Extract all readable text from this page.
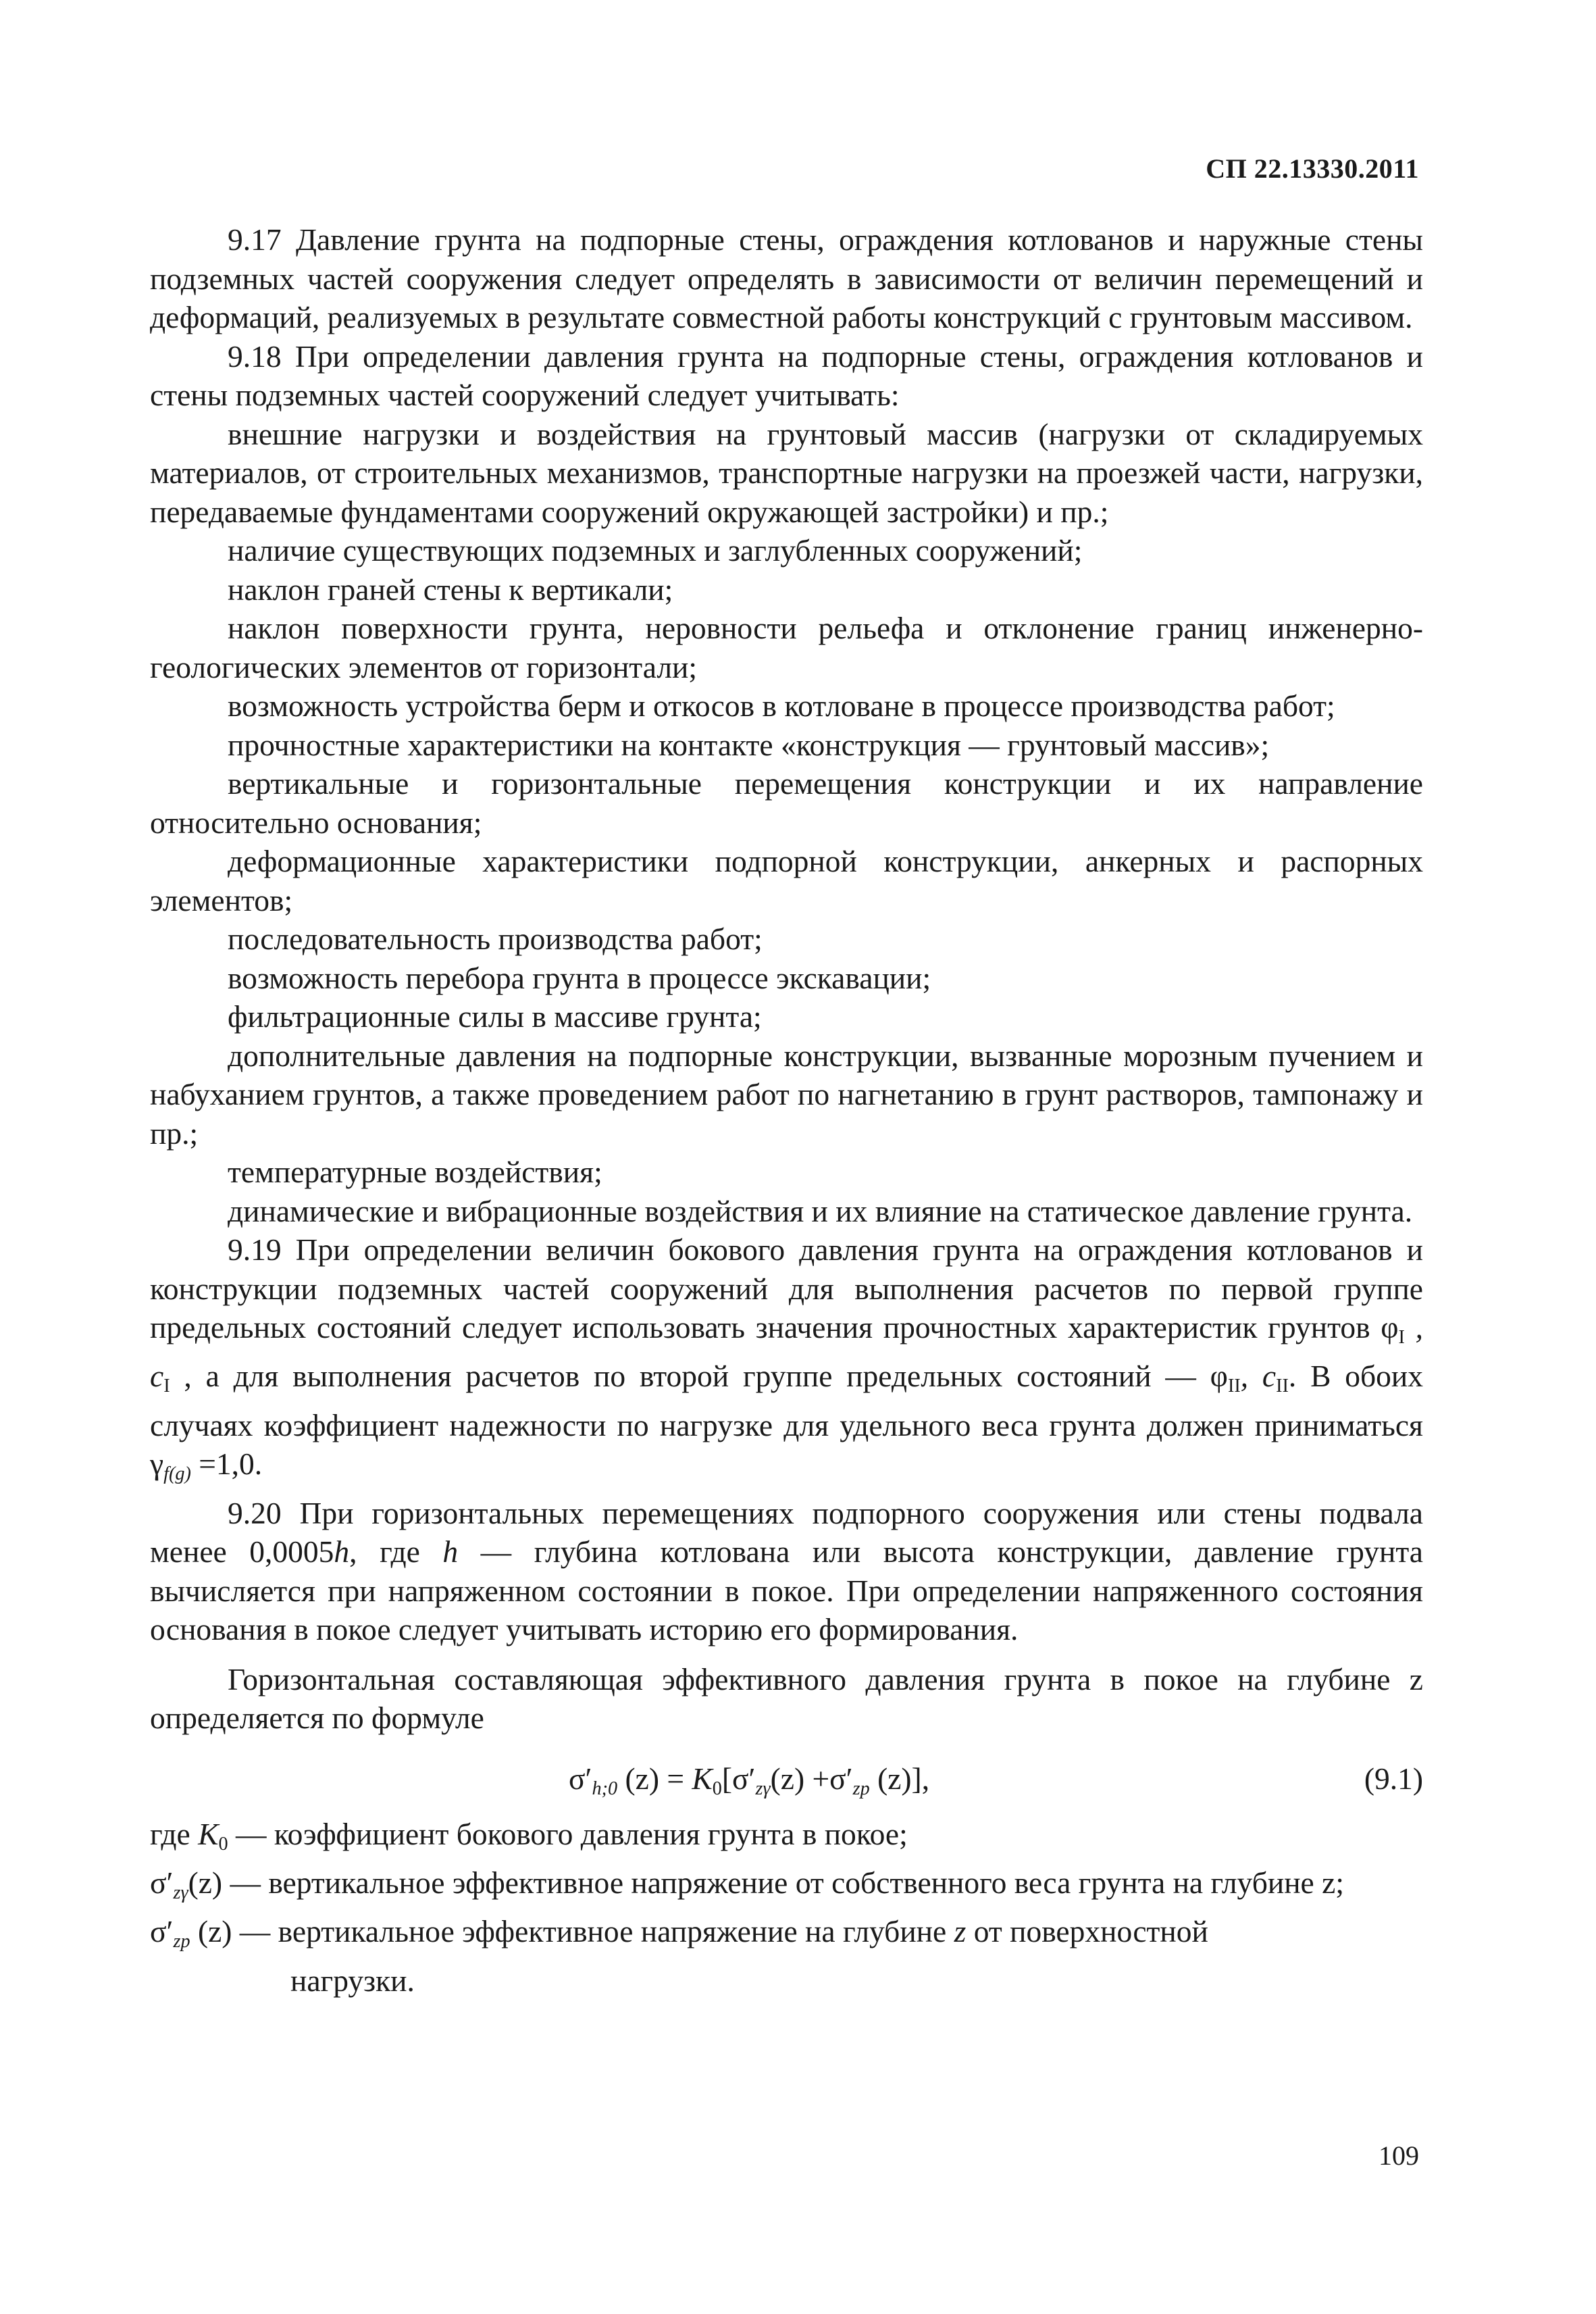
СП 22.13330.2011

9.17 Давление грунта на подпорные стены, ограждения котлованов и наружные стены подземных частей сооружения следует определять в зависимости от величин перемещений и деформаций, реализуемых в результате совместной работы конструкций с грунтовым массивом.

9.18 При определении давления грунта на подпорные стены, ограждения котлованов и стены подземных частей сооружений следует учитывать:

внешние нагрузки и воздействия на грунтовый массив (нагрузки от складируемых материалов, от строительных механизмов, транспортные нагрузки на проезжей части, нагрузки, передаваемые фундаментами сооружений окружающей застройки) и пр.;

наличие существующих подземных и заглубленных сооружений;

наклон граней стены к вертикали;

наклон поверхности грунта, неровности рельефа и отклонение границ инженерно-геологических элементов от горизонтали;

возможность устройства берм и откосов в котловане в процессе производства работ;

прочностные характеристики на контакте «конструкция — грунтовый массив»;

вертикальные и горизонтальные перемещения конструкции и их направление относительно основания;

деформационные характеристики подпорной конструкции, анкерных и распорных элементов;

последовательность производства работ;

возможность перебора грунта в процессе экскавации;

фильтрационные силы в массиве грунта;

дополнительные давления на подпорные конструкции, вызванные морозным пучением и набуханием грунтов, а также проведением работ по нагнетанию в грунт растворов, тампонажу и пр.;

температурные воздействия;

динамические и вибрационные воздействия и их влияние на статическое давление грунта.

9.19 При определении величин бокового давления грунта на ограждения котлованов и конструкции подземных частей сооружений для выполнения расчетов по первой группе предельных состояний следует использовать значения прочностных характеристик грунтов $\varphi_I$ , $c_I$ , а для выполнения расчетов по второй группе предельных состояний — $\varphi_{II}$, $c_{II}$. В обоих случаях коэффициент надежности по нагрузке для удельного веса грунта должен приниматься $\gamma_{f(g)} =1,0$.

9.20 При горизонтальных перемещениях подпорного сооружения или стены подвала менее 0,0005h, где h — глубина котлована или высота конструкции, давление грунта вычисляется при напряженном состоянии в покое. При определении напряженного состояния основания в покое следует учитывать историю его формирования.

Горизонтальная составляющая эффективного давления грунта в покое на глубине z определяется по формуле

$\sigma'_{h;0}$ $(z) = K_0[\sigma'_{z\gamma}(z) +\sigma'_{zp}$ (z)],	(9.1)
где $K_0$ — коэффициент бокового давления грунта в покое;
$\sigma'_{z\gamma}(z)$ — вертикальное эффективное напряжение от собственного веса грунта на глубине z;
$\sigma'_{zp}$ (z) — вертикальное эффективное напряжение на глубине z от поверхностной
нагрузки.
109
